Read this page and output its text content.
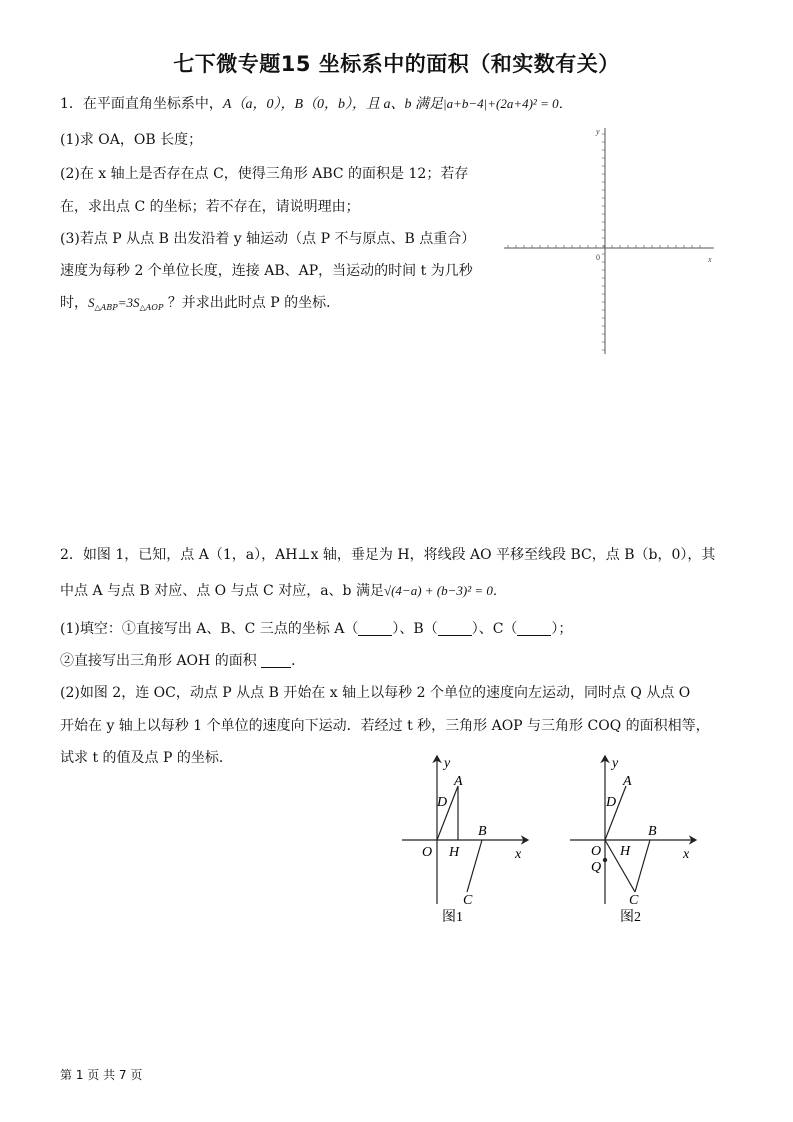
七下微专题15 坐标系中的面积（和实数有关）
1．在平面直角坐标系中，A（a，0），B（0，b），且 a、b 满足|a+b−4|+(2a+4)² = 0．
(1)求 OA，OB 长度；
(2)在 x 轴上是否存在点 C，使得三角形 ABC 的面积是 12；若存
在，求出点 C 的坐标；若不存在，请说明理由；
(3)若点 P 从点 B 出发沿着 y 轴运动（点 P 不与原点、B 点重合）
速度为每秒 2 个单位长度，连接 AB、AP，当运动的时间 t 为几秒
时，$S_{\triangle ABP}=3S_{\triangle AOP}$ ？并求出此时点 P 的坐标．
y
x
0
2．如图 1，已知，点 A（1，a），AH⊥x 轴，垂足为 H，将线段 AO 平移至线段 BC，点 B（b，0），其
中点 A 与点 B 对应、点 O 与点 C 对应，a、b 满足√(4−a) + (b−3)² = 0．
(1)填空：①直接写出 A、B、C 三点的坐标 A（ ）、B（ ）、C（ ）；
②直接写出三角形 AOH 的面积 ．
(2)如图 2，连 OC，动点 P 从点 B 开始在 x 轴上以每秒 2 个单位的速度向左运动，同时点 Q 从点 O
开始在 y 轴上以每秒 1 个单位的速度向下运动．若经过 t 秒，三角形 AOP 与三角形 COQ 的面积相等，
试求 t 的值及点 P 的坐标．	y
A
D
B
O H	x
C
图1
y
A
D
B
O H
Q
x
C
图2
第 1 页 共 7 页
